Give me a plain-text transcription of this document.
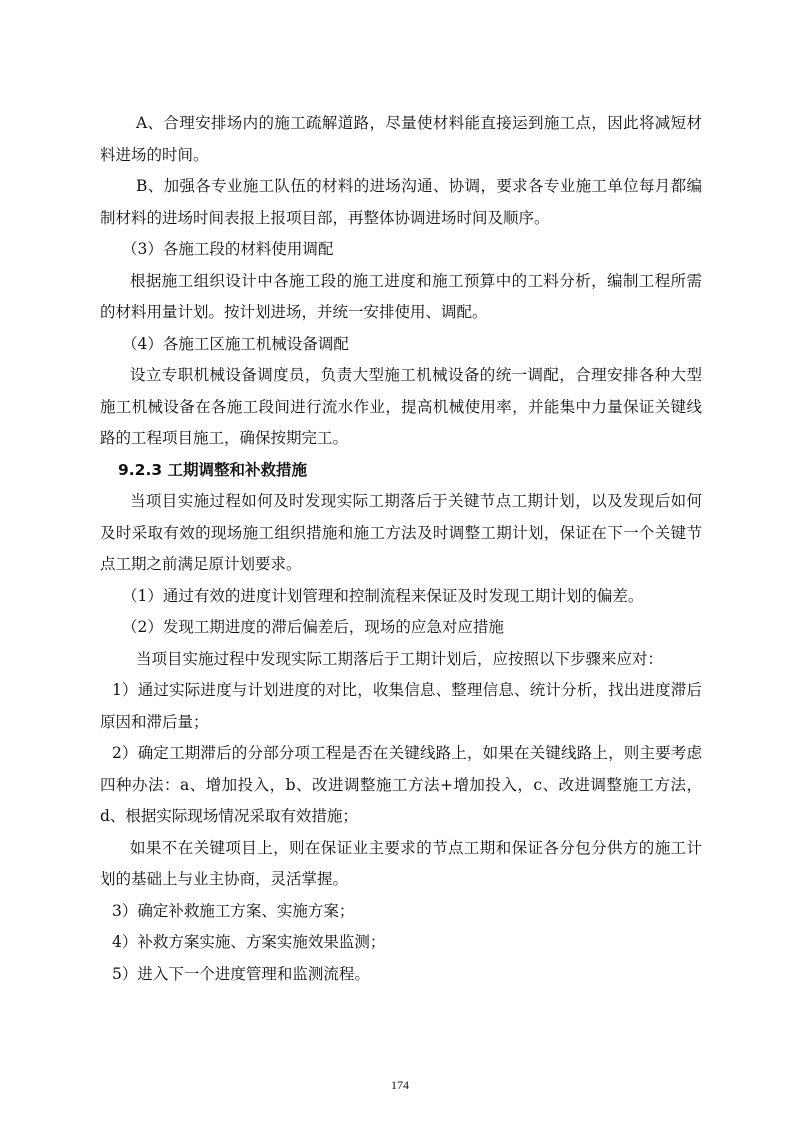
A、合理安排场内的施工疏解道路，尽量使材料能直接运到施工点，因此将减短材料进场的时间。

B、加强各专业施工队伍的材料的进场沟通、协调，要求各专业施工单位每月都编制材料的进场时间表报上报项目部，再整体协调进场时间及顺序。

（3）各施工段的材料使用调配

根据施工组织设计中各施工段的施工进度和施工预算中的工料分析，编制工程所需的材料用量计划。按计划进场，并统一安排使用、调配。

（4）各施工区施工机械设备调配

设立专职机械设备调度员，负责大型施工机械设备的统一调配，合理安排各种大型施工机械设备在各施工段间进行流水作业，提高机械使用率，并能集中力量保证关键线路的工程项目施工，确保按期完工。

9.2.3 工期调整和补救措施

当项目实施过程如何及时发现实际工期落后于关键节点工期计划，以及发现后如何及时采取有效的现场施工组织措施和施工方法及时调整工期计划，保证在下一个关键节点工期之前满足原计划要求。

（1）通过有效的进度计划管理和控制流程来保证及时发现工期计划的偏差。

（2）发现工期进度的滞后偏差后，现场的应急对应措施

当项目实施过程中发现实际工期落后于工期计划后，应按照以下步骤来应对：

1）通过实际进度与计划进度的对比，收集信息、整理信息、统计分析，找出进度滞后原因和滞后量；

2）确定工期滞后的分部分项工程是否在关键线路上，如果在关键线路上，则主要考虑四种办法：a、增加投入，b、改进调整施工方法+增加投入，c、改进调整施工方法，d、根据实际现场情况采取有效措施；

如果不在关键项目上，则在保证业主要求的节点工期和保证各分包分供方的施工计划的基础上与业主协商，灵活掌握。

3）确定补救施工方案、实施方案；

4）补救方案实施、方案实施效果监测；

5）进入下一个进度管理和监测流程。

174
